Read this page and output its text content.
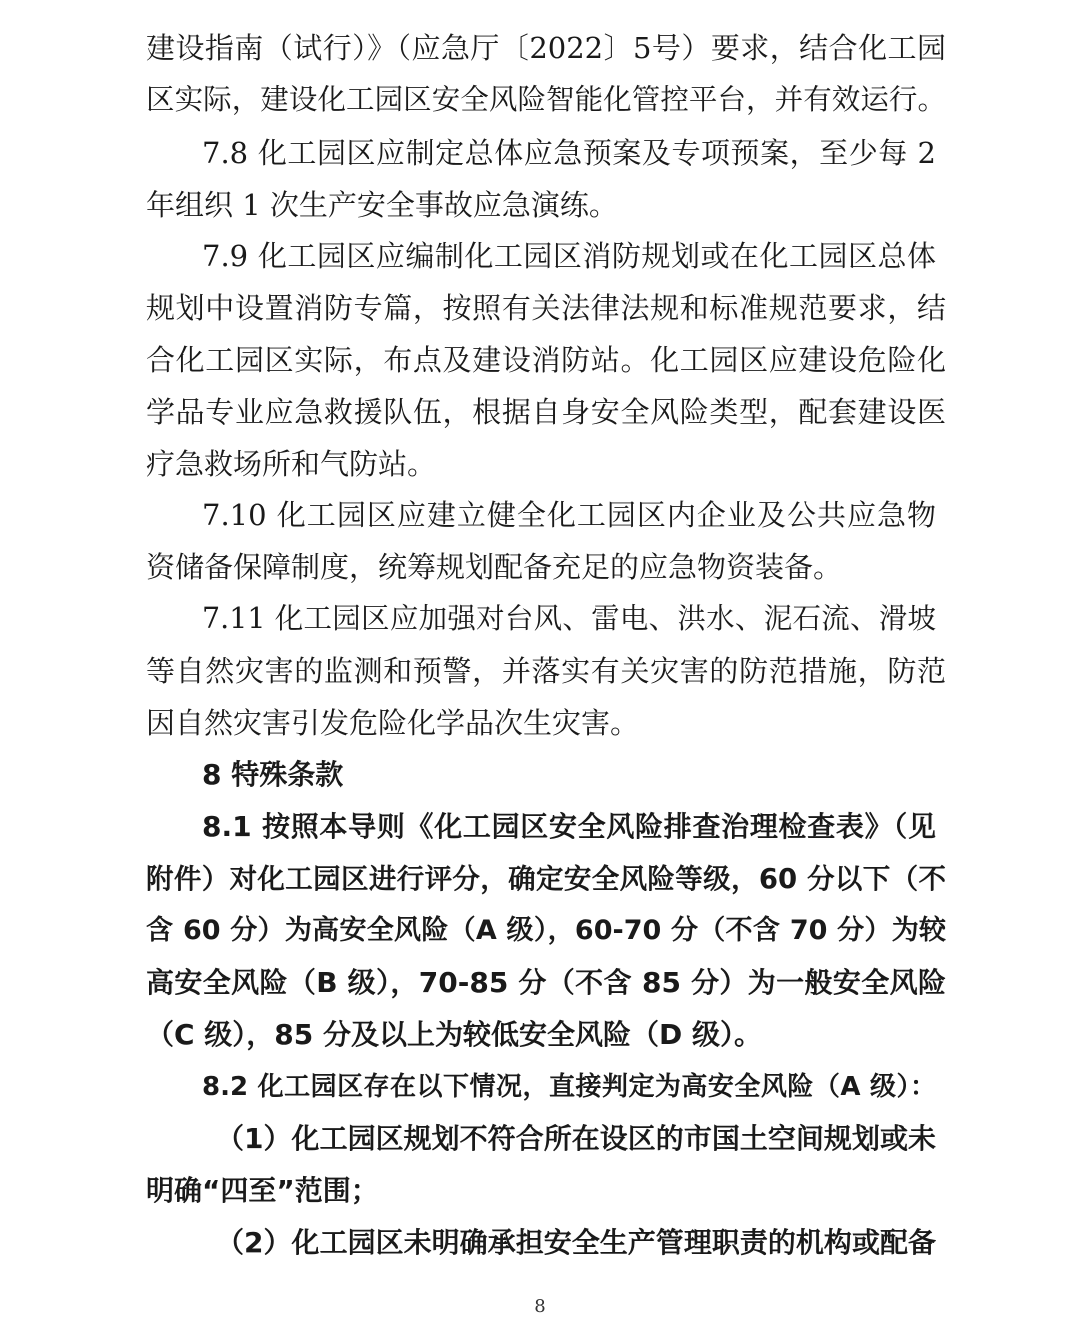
建设指南（试行）》（应急厅〔2022〕5号）要求，结合化工园
区实际，建设化工园区安全风险智能化管控平台，并有效运行。
7.8 化工园区应制定总体应急预案及专项预案，至少每 2
年组织 1 次生产安全事故应急演练。
7.9 化工园区应编制化工园区消防规划或在化工园区总体
规划中设置消防专篇，按照有关法律法规和标准规范要求，结
合化工园区实际，布点及建设消防站。化工园区应建设危险化
学品专业应急救援队伍，根据自身安全风险类型，配套建设医
疗急救场所和气防站。
7.10 化工园区应建立健全化工园区内企业及公共应急物
资储备保障制度，统筹规划配备充足的应急物资装备。
7.11 化工园区应加强对台风、雷电、洪水、泥石流、滑坡
等自然灾害的监测和预警，并落实有关灾害的防范措施，防范
因自然灾害引发危险化学品次生灾害。
8 特殊条款
8.1 按照本导则《化工园区安全风险排查治理检查表》（见
附件）对化工园区进行评分，确定安全风险等级，60 分以下（不
含 60 分）为高安全风险（A 级），60-70 分（不含 70 分）为较
高安全风险（B 级），70-85 分（不含 85 分）为一般安全风险
（C 级），85 分及以上为较低安全风险（D 级）。
8.2 化工园区存在以下情况，直接判定为高安全风险（A 级）：
（1）化工园区规划不符合所在设区的市国土空间规划或未
明确“四至”范围；
（2）化工园区未明确承担安全生产管理职责的机构或配备
8
